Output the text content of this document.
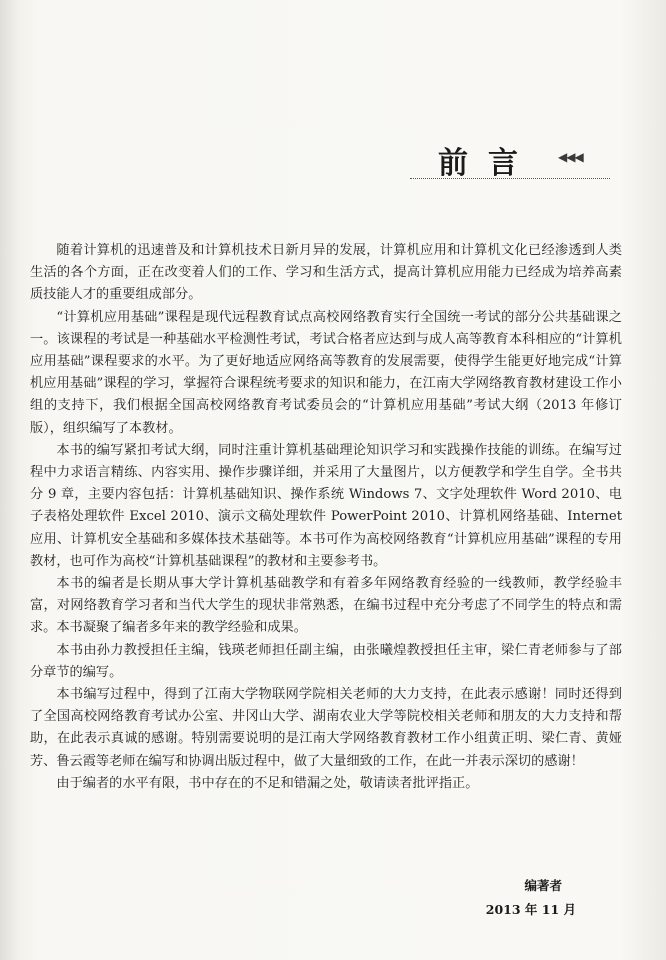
前言 ◀◀◀

随着计算机的迅速普及和计算机技术日新月异的发展，计算机应用和计算机文化已经渗透到人类生活的各个方面，正在改变着人们的工作、学习和生活方式，提高计算机应用能力已经成为培养高素质技能人才的重要组成部分。

“计算机应用基础”课程是现代远程教育试点高校网络教育实行全国统一考试的部分公共基础课之一。该课程的考试是一种基础水平检测性考试，考试合格者应达到与成人高等教育本科相应的“计算机应用基础”课程要求的水平。为了更好地适应网络高等教育的发展需要，使得学生能更好地完成“计算机应用基础”课程的学习，掌握符合课程统考要求的知识和能力，在江南大学网络教育教材建设工作小组的支持下，我们根据全国高校网络教育考试委员会的“计算机应用基础”考试大纲（2013 年修订版），组织编写了本教材。

本书的编写紧扣考试大纲，同时注重计算机基础理论知识学习和实践操作技能的训练。在编写过程中力求语言精练、内容实用、操作步骤详细，并采用了大量图片，以方便教学和学生自学。全书共分 9 章，主要内容包括：计算机基础知识、操作系统 Windows 7、文字处理软件 Word 2010、电子表格处理软件 Excel 2010、演示文稿处理软件 PowerPoint 2010、计算机网络基础、Internet 应用、计算机安全基础和多媒体技术基础等。本书可作为高校网络教育“计算机应用基础”课程的专用教材，也可作为高校“计算机基础课程”的教材和主要参考书。

本书的编者是长期从事大学计算机基础教学和有着多年网络教育经验的一线教师，教学经验丰富，对网络教育学习者和当代大学生的现状非常熟悉，在编书过程中充分考虑了不同学生的特点和需求。本书凝聚了编者多年来的教学经验和成果。

本书由孙力教授担任主编，钱瑛老师担任副主编，由张曦煌教授担任主审，梁仁青老师参与了部分章节的编写。

本书编写过程中，得到了江南大学物联网学院相关老师的大力支持，在此表示感谢！同时还得到了全国高校网络教育考试办公室、井冈山大学、湖南农业大学等院校相关老师和朋友的大力支持和帮助，在此表示真诚的感谢。特别需要说明的是江南大学网络教育教材工作小组黄正明、梁仁青、黄娅芳、鲁云霞等老师在编写和协调出版过程中，做了大量细致的工作，在此一并表示深切的感谢！

由于编者的水平有限，书中存在的不足和错漏之处，敬请读者批评指正。

编著者
2013 年 11 月
